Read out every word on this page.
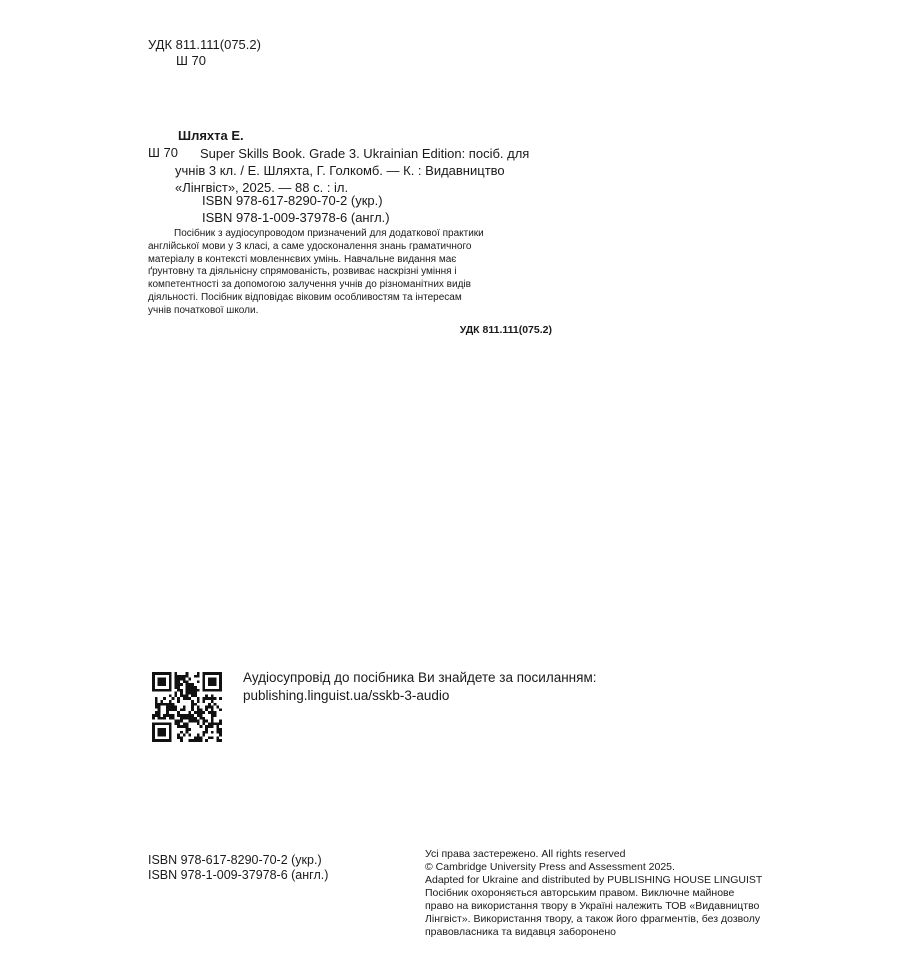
УДК 811.111(075.2)
Ш 70
Шляхта Е.
Ш 70 Super Skills Book. Grade 3. Ukrainian Edition: посіб. для
учнів 3 кл. / Е. Шляхта, Г. Голкомб. — К. : Видавництво
«Лінгвіст», 2025. — 88 с. : іл.
ISBN 978-617-8290-70-2 (укр.)
ISBN 978-1-009-37978-6 (англ.)
Посібник з аудіосупроводом призначений для додаткової практики
англійської мови у 3 класі, а саме удосконалення знань граматичного
матеріалу в контексті мовленнєвих умінь. Навчальне видання має
ґрунтовну та діяльнісну спрямованість, розвиває наскрізні уміння і
компетентності за допомогою залучення учнів до різноманітних видів
діяльності. Посібник відповідає віковим особливостям та інтересам
учнів початкової школи.
УДК 811.111(075.2)
Аудіосупровід до посібника Ви знайдете за посиланням:
publishing.linguist.ua/sskb-3-audio
ISBN 978-617-8290-70-2 (укр.)
ISBN 978-1-009-37978-6 (англ.)
Усі права застережено. All rights reserved
© Cambridge University Press and Assessment 2025.
Adapted for Ukraine and distributed by PUBLISHING HOUSE LINGUIST
Посібник охороняється авторським правом. Виключне майнове
право на використання твору в Україні належить ТОВ «Видавництво
Лінгвіст». Використання твору, а також його фрагментів, без дозволу
правовласника та видавця заборонено
